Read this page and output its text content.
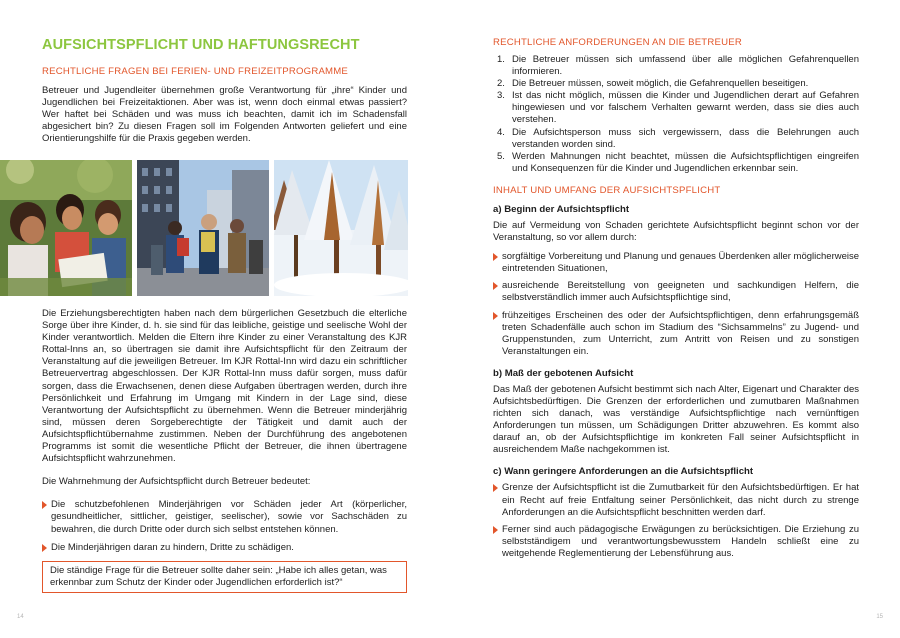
AUFSICHTSPFLICHT UND HAFTUNGSRECHT
RECHTLICHE FRAGEN BEI FERIEN- UND FREIZEITPROGRAMME

Betreuer und Jugendleiter übernehmen große Verantwortung für „ihre“ Kinder und Jugendlichen bei Freizeitaktionen. Aber was ist, wenn doch einmal etwas passiert? Wer haftet bei Schäden und was muss ich beachten, damit ich im Schadensfall abgesichert bin? Zu diesen Fragen soll im Folgenden Antworten geliefert und eine Orientierungshilfe für die Praxis gegeben werden.

Die Erziehungsberechtigten haben nach dem bürgerlichen Gesetzbuch die elterliche Sorge über ihre Kinder, d. h. sie sind für das leibliche, geistige und seelische Wohl der Kinder verantwortlich. Melden die Eltern ihre Kinder zu einer Veranstaltung des KJR Rottal-Inns an, so übertragen sie damit ihre Aufsichtspflicht für den Zeitraum der Veranstaltung auf die jeweiligen Betreuer. Im KJR Rottal-Inn wird dazu ein schriftlicher Betreuervertrag abgeschlossen. Der KJR Rottal-Inn muss dafür sorgen, muss dafür sorgen, dass die Erwachsenen, denen diese Aufgaben übertragen werden, durch ihre Persönlichkeit und Erfahrung im Umgang mit Kindern in der Lage sind, diese Verantwortung der Aufsichtspflicht zu übernehmen. Wenn die Betreuer minderjährig sind, müssen deren Sorgeberechtigte der Tätigkeit und damit auch der Aufsichtspflichtübernahme zustimmen. Neben der Durchführung des angebotenen Programms ist somit die wesentliche Pflicht der Betreuer, die ihnen übertragene Aufsichtspflicht wahrzunehmen.

Die Wahrnehmung der Aufsichtspflicht durch Betreuer bedeutet:

Die schutzbefohlenen Minderjährigen vor Schäden jeder Art (körperlicher, gesundheitlicher, sittlicher, geistiger, seelischer), sowie vor Sachschäden zu bewahren, die durch Dritte oder durch sich selbst entstehen können.
Die Minderjährigen daran zu hindern, Dritte zu schädigen.
Die ständige Frage für die Betreuer sollte daher sein: „Habe ich alles getan, was erkennbar zum Schutz der Kinder oder Jugendlichen erforderlich ist?“
14
RECHTLICHE ANFORDERUNGEN AN DIE BETREUER
1. Die Betreuer müssen sich umfassend über alle möglichen Gefahrenquellen informieren.
2. Die Betreuer müssen, soweit möglich, die Gefahrenquellen beseitigen.
3. Ist das nicht möglich, müssen die Kinder und Jugendlichen derart auf Gefahren hingewiesen und vor falschem Verhalten gewarnt werden, dass sie dies auch verstehen.
4. Die Aufsichtsperson muss sich vergewissern, dass die Belehrungen auch verstanden worden sind.
5. Werden Mahnungen nicht beachtet, müssen die Aufsichtspflichtigen eingreifen und Konsequenzen für die Kinder und Jugendlichen erkennbar sein.
INHALT UND UMFANG DER AUFSICHTSPFLICHT
a) Beginn der Aufsichtspflicht

Die auf Vermeidung von Schaden gerichtete Aufsichtspflicht beginnt schon vor der Veranstaltung, so vor allem durch:

sorgfältige Vorbereitung und Planung und genaues Überdenken aller möglicherweise eintretenden Situationen,
ausreichende Bereitstellung von geeigneten und sachkundigen Helfern, die selbstverständlich immer auch Aufsichtspflichtige sind,
frühzeitiges Erscheinen des oder der Aufsichtspflichtigen, denn erfahrungsgemäß treten Schadenfälle auch schon im Stadium des “Sichsammelns” zu Jugend- und Gruppenstunden, zum Unterricht, zum Antritt von Reisen und zu sonstigen Veranstaltungen ein.
b) Maß der gebotenen Aufsicht

Das Maß der gebotenen Aufsicht bestimmt sich nach Alter, Eigenart und Charakter des Aufsichtsbedürftigen. Die Grenzen der erforderlichen und zumutbaren Maßnahmen richten sich danach, was verständige Aufsichtspflichtige nach vernünftigen Anforderungen tun müssen, um Schädigungen Dritter abzuwehren. Es kommt also darauf an, ob der Aufsichtspflichtige im konkreten Fall seiner Aufsichtspflicht in ausreichendem Maße nachgekommen ist.

c) Wann geringere Anforderungen an die Aufsichtspflicht
Grenze der Aufsichtspflicht ist die Zumutbarkeit für den Aufsichtsbedürftigen. Er hat ein Recht auf freie Entfaltung seiner Persönlichkeit, das nicht durch zu strenge Anforderungen an die Aufsichtspflicht beschnitten werden darf.
Ferner sind auch pädagogische Erwägungen zu berücksichtigen. Die Erziehung zu selbstständigem und verantwortungsbewusstem Handeln schließt eine zu weitgehende Reglementierung der Lebensführung aus.
15
